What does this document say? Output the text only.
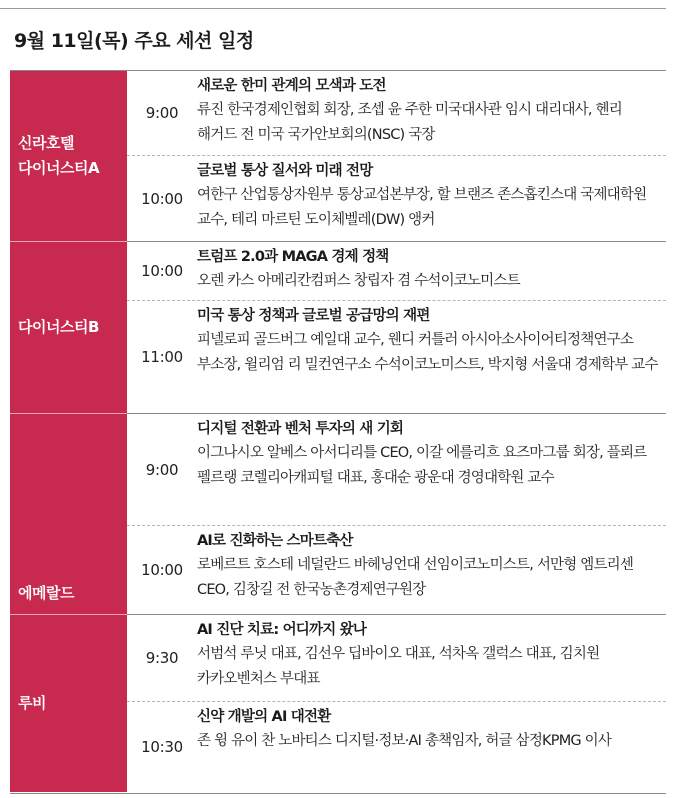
9월 11일(목) 주요 세션 일정
신라호텔
다이너스티A
9:00
새로운 한미 관계의 모색과 도전
류진 한국경제인협회 회장, 조셉 윤 주한 미국대사관 임시 대리대사, 헨리 해거드 전 미국 국가안보회의(NSC) 국장
10:00
글로벌 통상 질서와 미래 전망
여한구 산업통상자원부 통상교섭본부장, 할 브랜즈 존스홉킨스대 국제대학원 교수, 테리 마르틴 도이체벨레(DW) 앵커
다이너스티B
10:00
트럼프 2.0과 MAGA 경제 정책
오렌 카스 아메리칸컴퍼스 창립자 겸 수석이코노미스트
11:00
미국 통상 정책과 글로벌 공급망의 재편
피넬로피 골드버그 예일대 교수, 웬디 커틀러 아시아소사이어티정책연구소 부소장, 윌리엄 리 밀컨연구소 수석이코노미스트, 박지형 서울대 경제학부 교수
에메랄드
9:00
디지털 전환과 벤처 투자의 새 기회
이그나시오 알베스 아서디리틀 CEO, 이갈 에를리흐 요즈마그룹 회장, 플뢰르 펠르랭 코렐리아캐피털 대표, 홍대순 광운대 경영대학원 교수
10:00
AI로 진화하는 스마트축산
로베르트 호스테 네덜란드 바헤닝언대 선임이코노미스트, 서만형 엠트리센 CEO, 김창길 전 한국농촌경제연구원장
루비
9:30
AI 진단 치료: 어디까지 왔나
서범석 루닛 대표, 김선우 딥바이오 대표, 석차옥 갤럭스 대표, 김치원 카카오벤처스 부대표
10:30
신약 개발의 AI 대전환
존 윙 유이 찬 노바티스 디지털·정보·AI 총책임자, 허글 삼정KPMG 이사
